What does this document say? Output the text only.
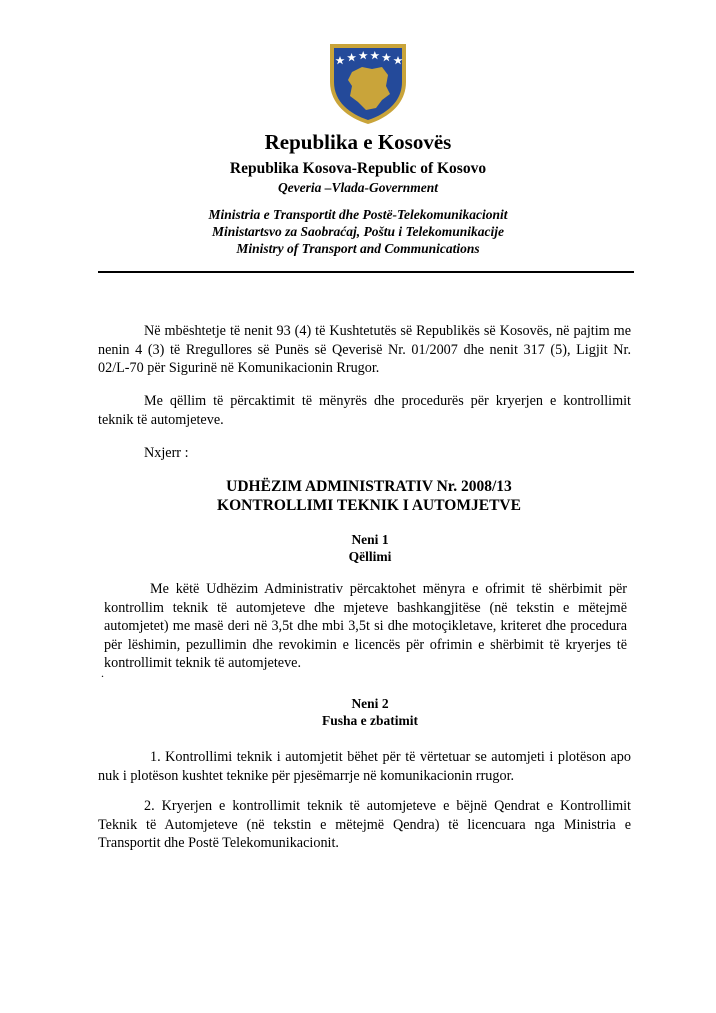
Republika e Kosovës
Republika Kosova-Republic of Kosovo
Qeveria –Vlada-Government
Ministria e Transportit dhe Postë-Telekomunikacionit
Ministartsvo za Saobraćaj, Poštu i Telekomunikacije
Ministry of Transport and Communications
Në mbështetje të nenit 93 (4) të Kushtetutës së Republikës së Kosovës, në pajtim me nenin 4 (3) të Rregullores së Punës së Qeverisë Nr. 01/2007 dhe nenit 317 (5), Ligjit Nr. 02/L-70 për Sigurinë në Komunikacionin Rrugor.
Me qëllim të përcaktimit të mënyrës dhe procedurës për kryerjen e kontrollimit teknik të automjeteve.
Nxjerr :
UDHËZIM ADMINISTRATIV Nr. 2008/13
KONTROLLIMI TEKNIK I AUTOMJETVE
Neni 1
Qëllimi
Me këtë Udhëzim Administrativ përcaktohet mënyra e ofrimit të shërbimit për kontrollim teknik të automjeteve dhe mjeteve bashkangjitëse (në tekstin e mëtejmë automjetet) me masë deri në 3,5t dhe mbi 3,5t si dhe motoçikletave, kriteret dhe procedura për lëshimin, pezullimin dhe revokimin e licencës për ofrimin e shërbimit të kryerjes të kontrollimit teknik të automjeteve.
.
Neni 2
Fusha e zbatimit
1. Kontrollimi teknik i automjetit bëhet për të vërtetuar se automjeti i plotëson apo nuk i plotëson kushtet teknike për pjesëmarrje në komunikacionin rrugor.
2. Kryerjen e kontrollimit teknik të automjeteve e bëjnë Qendrat e Kontrollimit Teknik të Automjeteve (në tekstin e mëtejmë Qendra) të licencuara nga Ministria e Transportit dhe Postë Telekomunikacionit.
